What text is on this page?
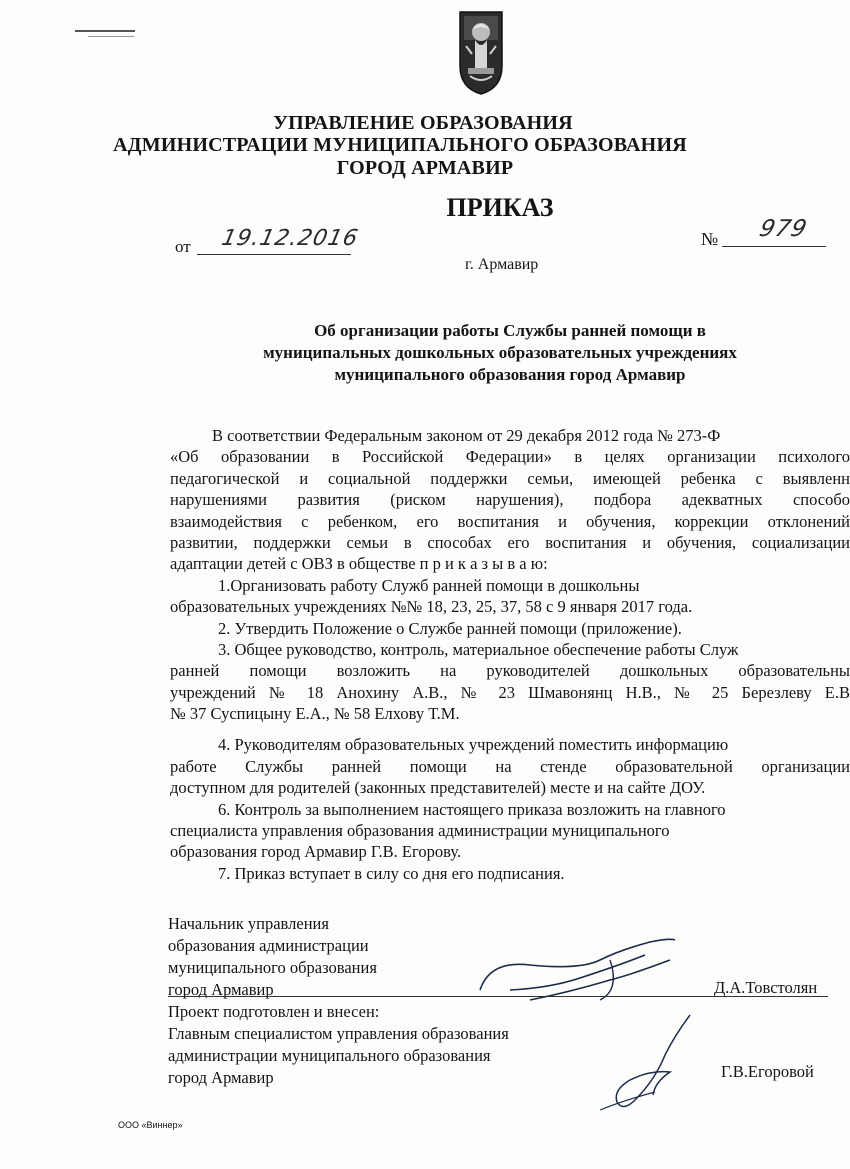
УПРАВЛЕНИЕ ОБРАЗОВАНИЯ
АДМИНИСТРАЦИИ МУНИЦИПАЛЬНОГО ОБРАЗОВАНИЯ
ГОРОД АРМАВИР
ПРИКАЗ
от 19.12.2016	№ 979
г. Армавир
Об организации работы Службы ранней помощи в
муниципальных дошкольных образовательных учреждениях
муниципального образования город Армавир
В соответствии Федеральным законом от 29 декабря 2012 года № 273-Ф
«Об образовании в Российской Федерации» в целях организации психолого
педагогической и социальной поддержки семьи, имеющей ребенка с выявленн
нарушениями развития (риском нарушения), подбора адекватных способо
взаимодействия с ребенком, его воспитания и обучения, коррекции отклонений
развитии, поддержки семьи в способах его воспитания и обучения, социализации
адаптации детей с ОВЗ в обществе п р и к а з ы в а ю:
1.Организовать работу Служб ранней помощи в дошкольны
образовательных учреждениях №№ 18, 23, 25, 37, 58 с 9 января 2017 года.
2. Утвердить Положение о Службе ранней помощи (приложение).
3. Общее руководство, контроль, материальное обеспечение работы Служ
ранней помощи возложить на руководителей дошкольных образовательны
учреждений № 18 Анохину А.В., № 23 Шмавонянц Н.В., № 25 Березлеву Е.В
№ 37 Суспицыну Е.А., № 58 Елхову Т.М.
4. Руководителям образовательных учреждений поместить информацию
работе Службы ранней помощи на стенде образовательной организации
доступном для родителей (законных представителей) месте и на сайте ДОУ.
6. Контроль за выполнением настоящего приказа возложить на главного
специалиста управления образования администрации муниципального
образования город Армавир Г.В. Егорову.
7. Приказ вступает в силу со дня его подписания.
Начальник управления
образования администрации
муниципального образования
город Армавир
Проект подготовлен и внесен:
Главным специалистом управления образования
администрации муниципального образования
город Армавир
Д.А.Товстолян
Г.В.Егоровой
ООО «Виннер»
